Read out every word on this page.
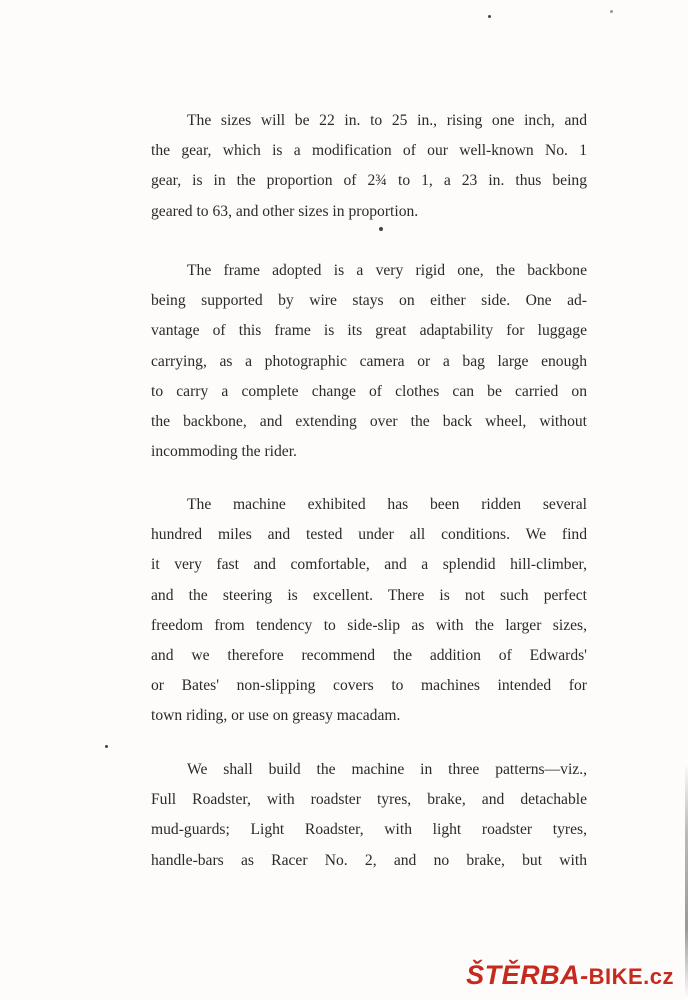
The sizes will be 22 in. to 25 in., rising one inch, and
the gear, which is a modification of our well-known No. 1
gear, is in the proportion of 2¾ to 1, a 23 in. thus being
geared to 63, and other sizes in proportion.
The frame adopted is a very rigid one, the backbone
being supported by wire stays on either side. One ad-
vantage of this frame is its great adaptability for luggage
carrying, as a photographic camera or a bag large enough
to carry a complete change of clothes can be carried on
the backbone, and extending over the back wheel, without
incommoding the rider.
The machine exhibited has been ridden several
hundred miles and tested under all conditions. We find
it very fast and comfortable, and a splendid hill-climber,
and the steering is excellent. There is not such perfect
freedom from tendency to side-slip as with the larger sizes,
and we therefore recommend the addition of Edwards'
or Bates' non-slipping covers to machines intended for
town riding, or use on greasy macadam.
We shall build the machine in three patterns—viz.,
Full Roadster, with roadster tyres, brake, and detachable
mud-guards; Light Roadster, with light roadster tyres,
handle-bars as Racer No. 2, and no brake, but with
ŠTĚRBA-BIKE.cz
